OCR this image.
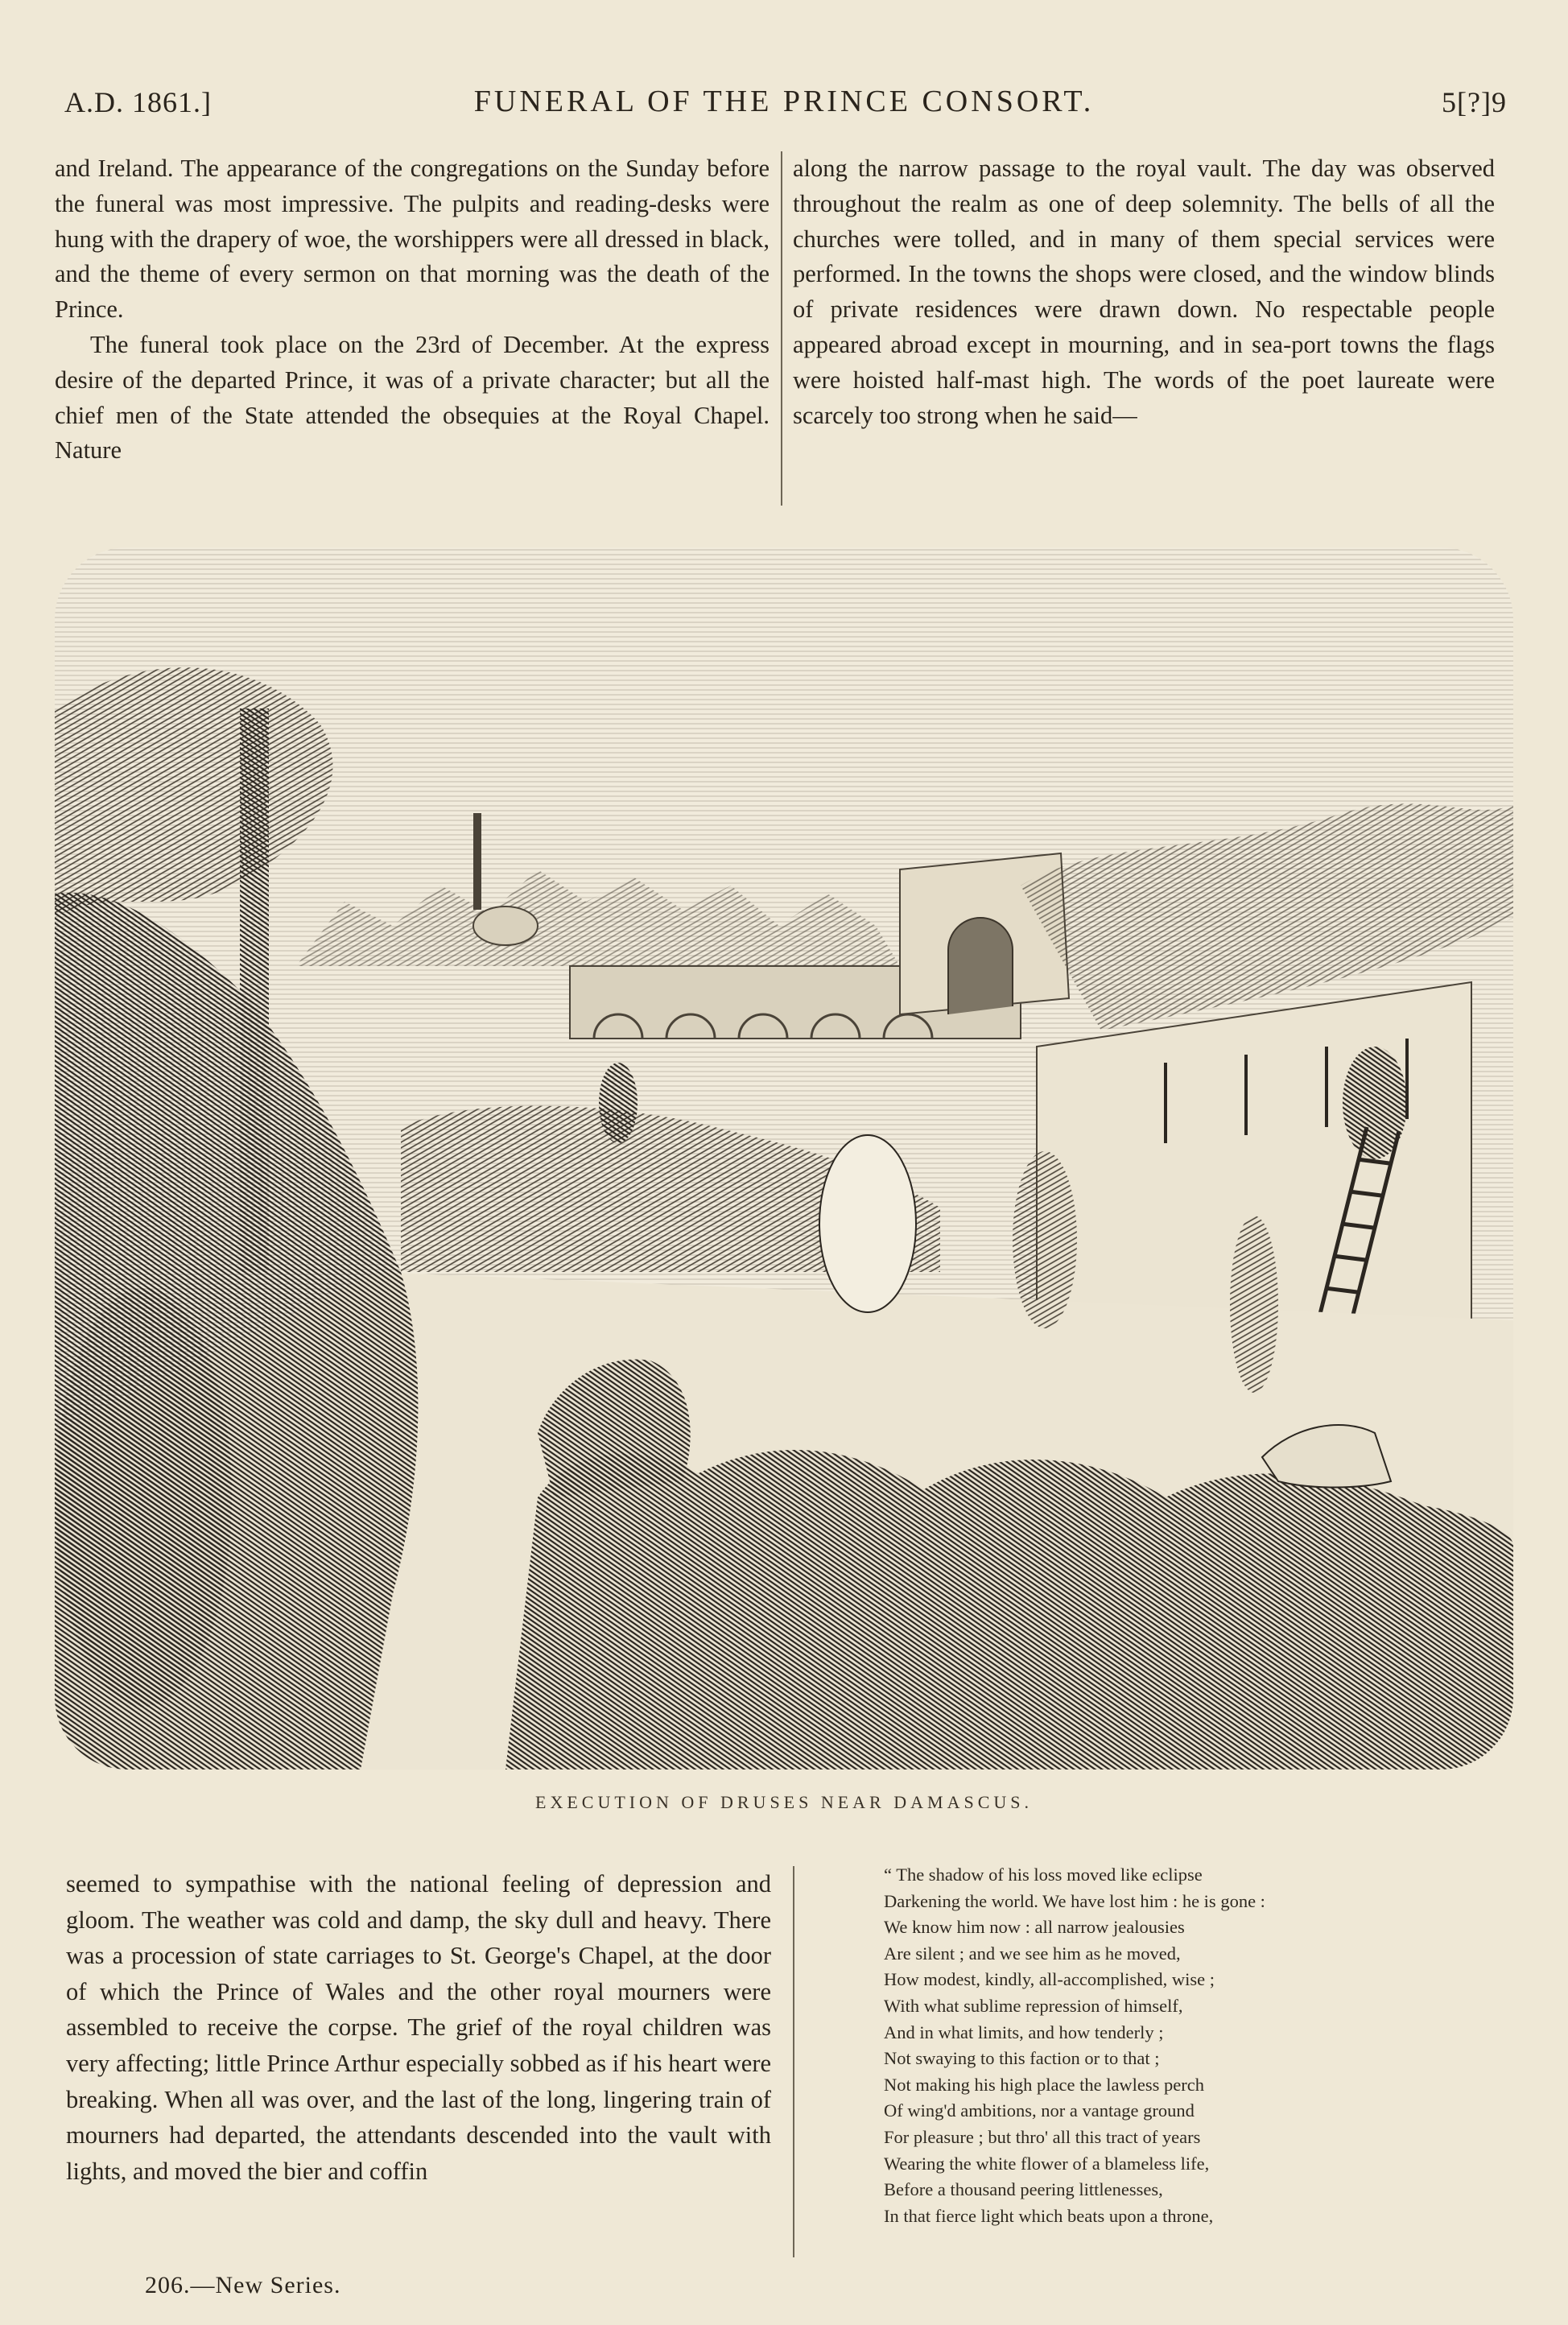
A.D. 1861.]	FUNERAL OF THE PRINCE CONSORT.	5[?]9

and Ireland. The appearance of the congregations on the Sunday before the funeral was most impressive. The pulpits and reading-desks were hung with the drapery of woe, the worshippers were all dressed in black, and the theme of every sermon on that morning was the death of the Prince.

The funeral took place on the 23rd of December. At the express desire of the departed Prince, it was of a private character; but all the chief men of the State attended the obsequies at the Royal Chapel. Nature

along the narrow passage to the royal vault. The day was observed throughout the realm as one of deep solemnity. The bells of all the churches were tolled, and in many of them special services were performed. In the towns the shops were closed, and the window blinds of private residences were drawn down. No respectable people appeared abroad except in mourning, and in sea-port towns the flags were hoisted half-mast high. The words of the poet laureate were scarcely too strong when he said—

EXECUTION OF DRUSES NEAR DAMASCUS.

seemed to sympathise with the national feeling of depression and gloom. The weather was cold and damp, the sky dull and heavy. There was a procession of state carriages to St. George's Chapel, at the door of which the Prince of Wales and the other royal mourners were assembled to receive the corpse. The grief of the royal children was very affecting; little Prince Arthur especially sobbed as if his heart were breaking. When all was over, and the last of the long, lingering train of mourners had departed, the attendants descended into the vault with lights, and moved the bier and coffin

“ The shadow of his loss moved like eclipse
Darkening the world. We have lost him : he is gone :
We know him now : all narrow jealousies
Are silent ; and we see him as he moved,
How modest, kindly, all-accomplished, wise ;
With what sublime repression of himself,
And in what limits, and how tenderly ;
Not swaying to this faction or to that ;
Not making his high place the lawless perch
Of wing'd ambitions, nor a vantage ground
For pleasure ; but thro' all this tract of years
Wearing the white flower of a blameless life,
Before a thousand peering littlenesses,
In that fierce light which beats upon a throne,
206.—New Series.
